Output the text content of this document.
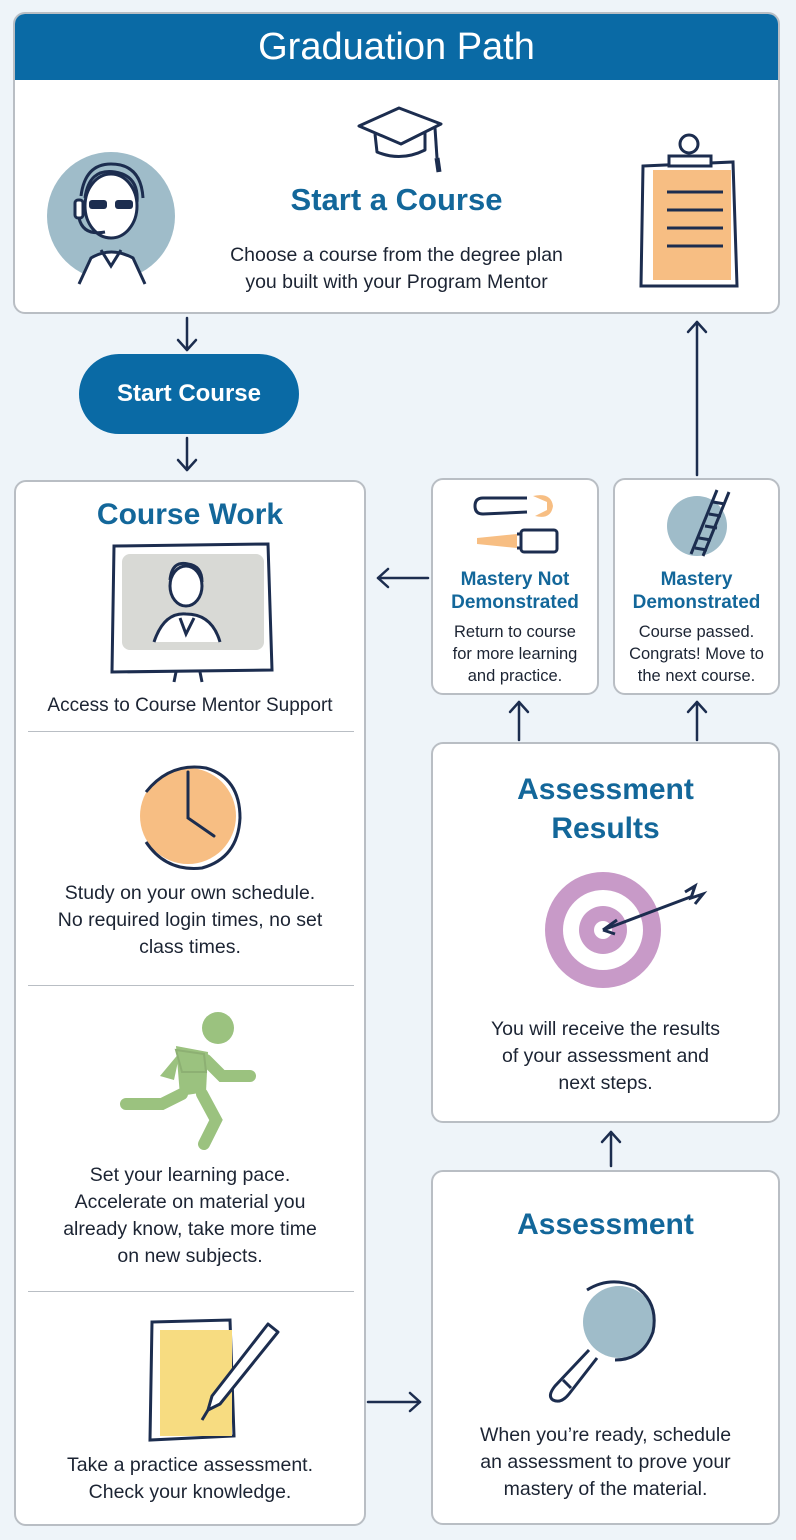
Graduation Path
Start a Course
Choose a course from the degree plan
you built with your Program Mentor
Start Course
Course Work
Access to Course Mentor Support
Study on your own schedule.
No required login times, no set
class times.
Set your learning pace.
Accelerate on material you
already know, take more time
on new subjects.
Take a practice assessment.
Check your knowledge.
Mastery Not
Demonstrated
Return to course
for more learning
and practice.
Mastery
Demonstrated
Course passed.
Congrats! Move to
the next course.
Assessment
Results
You will receive the results
of your assessment and
next steps.
Assessment
When you’re ready, schedule
an assessment to prove your
mastery of the material.
